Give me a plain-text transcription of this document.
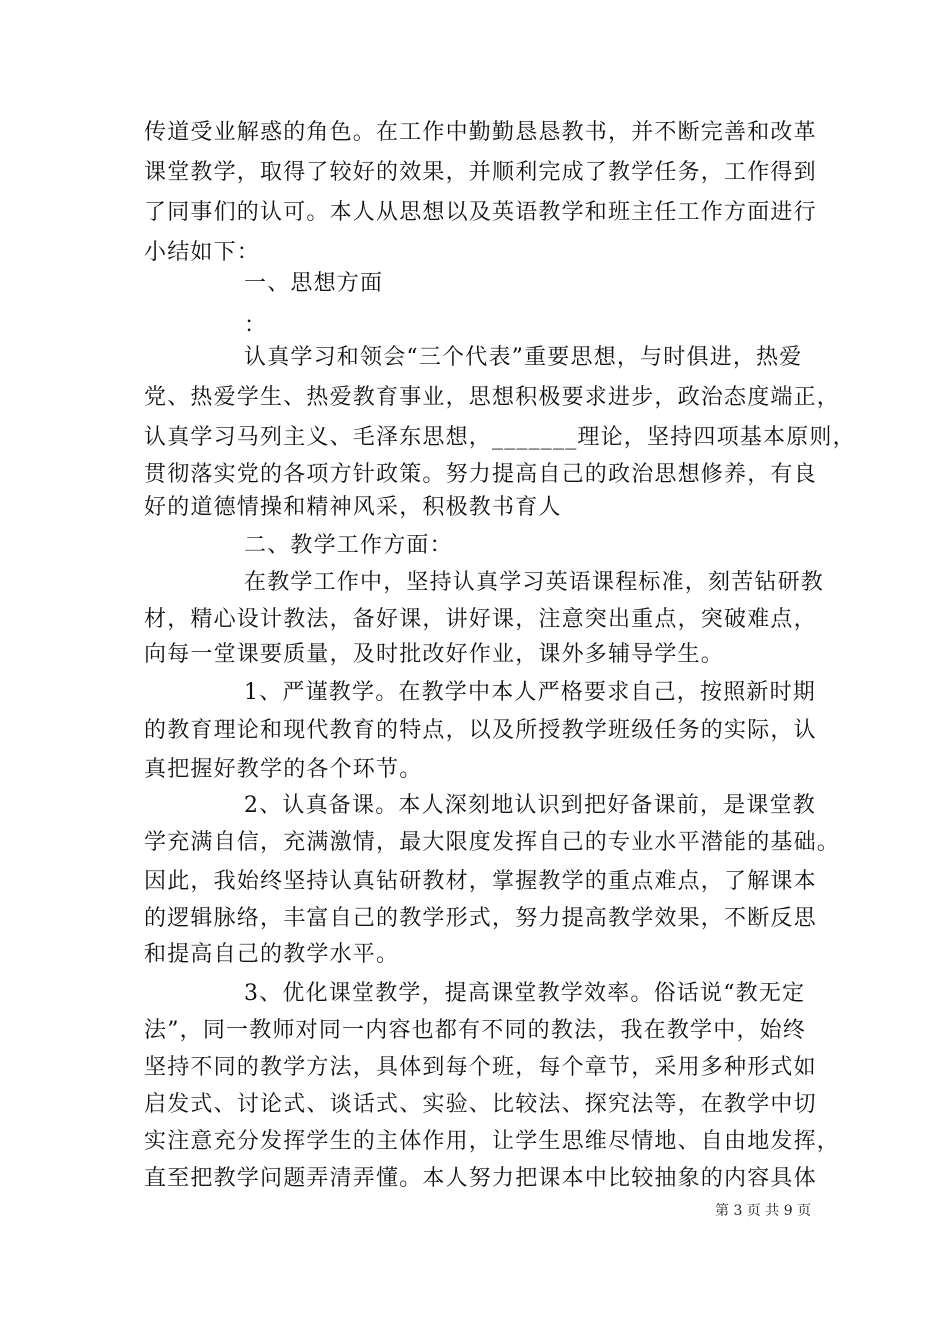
传道受业解惑的角色。在工作中勤勤恳恳教书，并不断完善和改革
课堂教学，取得了较好的效果，并顺利完成了教学任务，工作得到
了同事们的认可。本人从思想以及英语教学和班主任工作方面进行
小结如下：
一、思想方面
：
认真学习和领会“三个代表”重要思想，与时俱进，热爱
党、热爱学生、热爱教育事业，思想积极要求进步，政治态度端正，
认真学习马列主义、毛泽东思想，_______理论，坚持四项基本原则，
贯彻落实党的各项方针政策。努力提高自己的政治思想修养，有良
好的道德情操和精神风采，积极教书育人
二、教学工作方面：
在教学工作中，坚持认真学习英语课程标准，刻苦钻研教
材，精心设计教法，备好课，讲好课，注意突出重点，突破难点，
向每一堂课要质量，及时批改好作业，课外多辅导学生。
1、严谨教学。在教学中本人严格要求自己，按照新时期
的教育理论和现代教育的特点，以及所授教学班级任务的实际，认
真把握好教学的各个环节。
2、认真备课。本人深刻地认识到把好备课前，是课堂教
学充满自信，充满激情，最大限度发挥自己的专业水平潜能的基础。
因此，我始终坚持认真钻研教材，掌握教学的重点难点，了解课本
的逻辑脉络，丰富自己的教学形式，努力提高教学效果，不断反思
和提高自己的教学水平。
3、优化课堂教学，提高课堂教学效率。俗话说“教无定
法”，同一教师对同一内容也都有不同的教法，我在教学中，始终
坚持不同的教学方法，具体到每个班，每个章节，采用多种形式如
启发式、讨论式、谈话式、实验、比较法、探究法等，在教学中切
实注意充分发挥学生的主体作用，让学生思维尽情地、自由地发挥，
直至把教学问题弄清弄懂。本人努力把课本中比较抽象的内容具体
第 3 页 共 9 页
